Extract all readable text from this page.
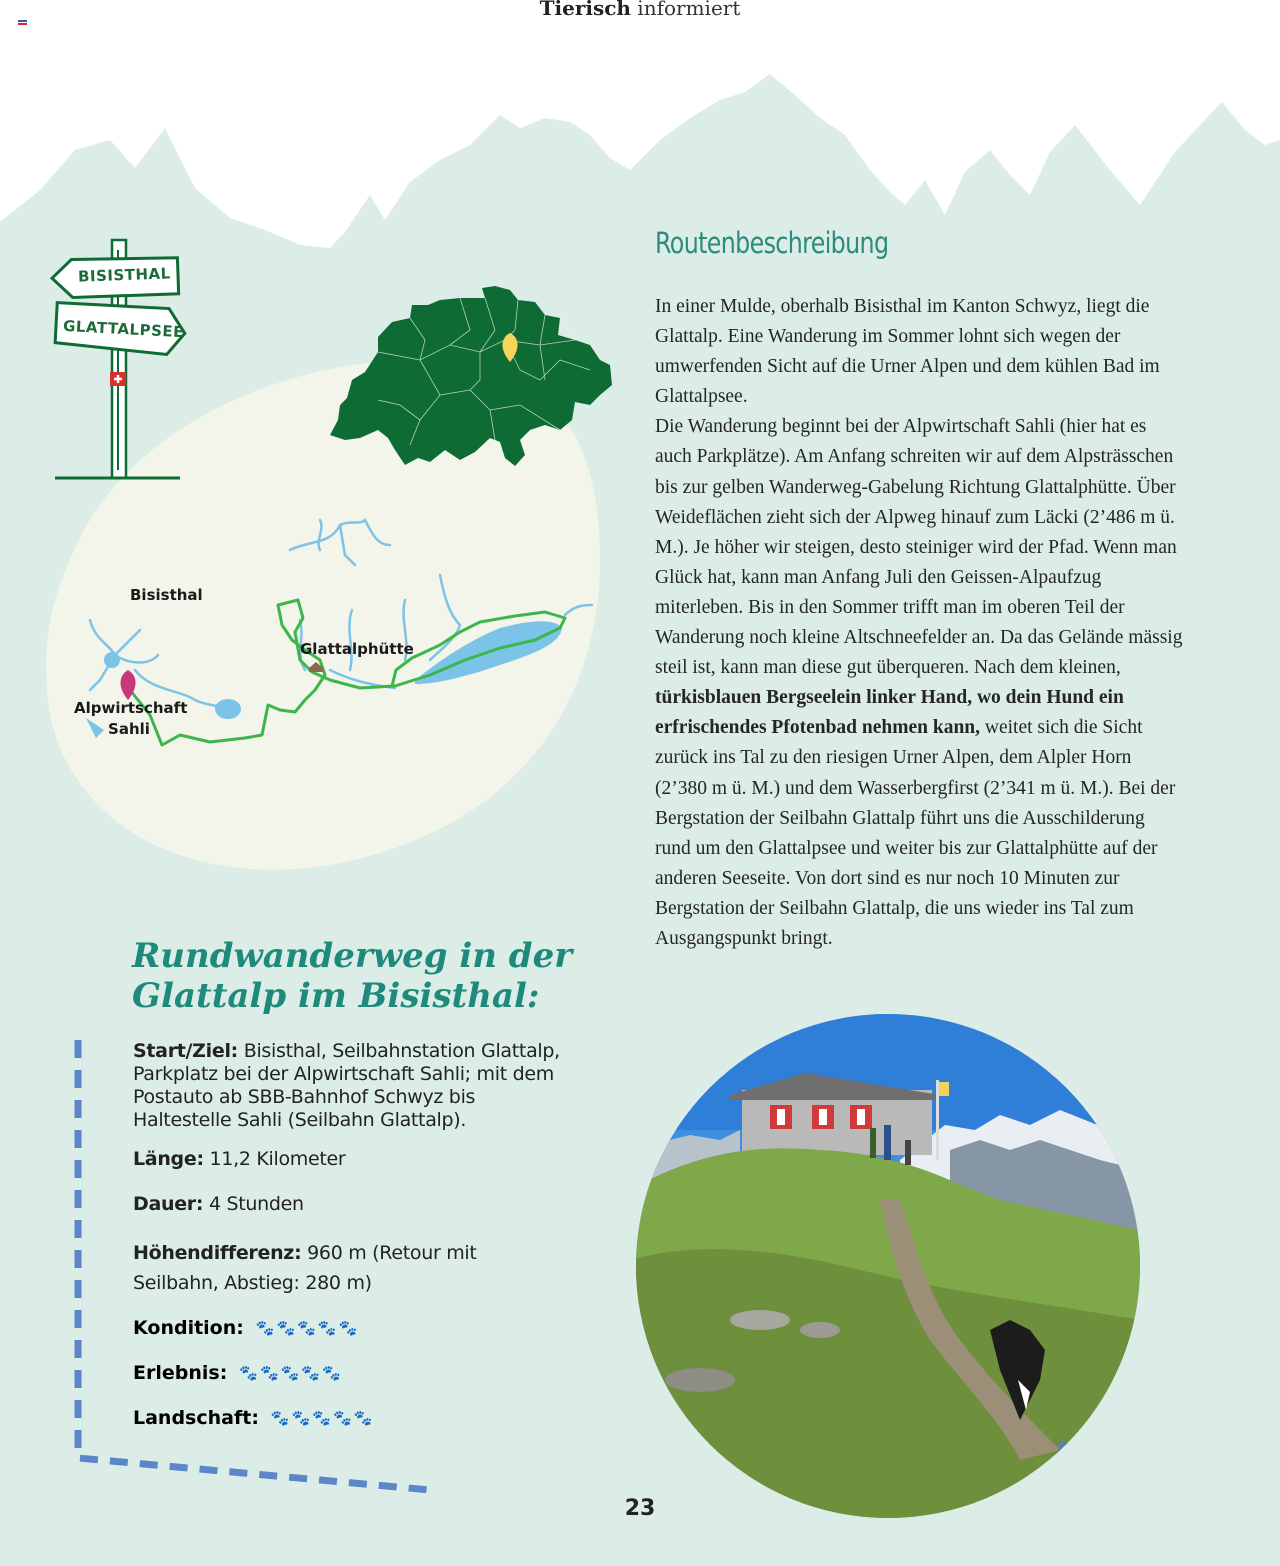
Tierisch informiert
BISISTHAL
GLATTALPSEE
Bisisthal
Glattalphütte
Alpwirtschaft
Sahli
Routenbeschreibung

In einer Mulde, oberhalb Bisisthal im Kanton Schwyz, liegt die Glattalp. Eine Wanderung im Sommer lohnt sich wegen der umwerfenden Sicht auf die Urner Alpen und dem kühlen Bad im Glattalpsee.

Die Wanderung beginnt bei der Alpwirtschaft Sahli (hier hat es auch Parkplätze). Am Anfang schreiten wir auf dem Alpsträsschen bis zur gelben Wanderweg-Gabelung Richtung Glattalphütte. Über Weideflächen zieht sich der Alpweg hinauf zum Läcki (2’486 m ü. M.). Je höher wir steigen, desto steiniger wird der Pfad. Wenn man Glück hat, kann man Anfang Juli den Geissen-Alpaufzug miterleben. Bis in den Sommer trifft man im oberen Teil der Wanderung noch kleine Altschneefelder an. Da das Gelände mässig steil ist, kann man diese gut überqueren. Nach dem kleinen, türkisblauen Bergseelein linker Hand, wo dein Hund ein erfrischendes Pfotenbad nehmen kann, weitet sich die Sicht zurück ins Tal zu den riesigen Urner Alpen, dem Alpler Horn (2’380 m ü. M.) und dem Wasserbergfirst (2’341 m ü. M.). Bei der Bergstation der Seilbahn Glattalp führt uns die Ausschilderung rund um den Glattalpsee und weiter bis zur Glattalphütte auf der anderen Seeseite. Von dort sind es nur noch 10 Minuten zur Bergstation der Seilbahn Glattalp, die uns wieder ins Tal zum Ausgangspunkt bringt.

Rundwanderweg in der
Glattalp im Bisisthal:
Start/Ziel: Bisisthal, Seilbahnstation Glattalp, Parkplatz bei der Alpwirtschaft Sahli; mit dem Postauto ab SBB-Bahnhof Schwyz bis Haltestelle Sahli (Seilbahn Glattalp).
Länge: 11,2 Kilometer
Dauer: 4 Stunden
Höhendifferenz: 960 m (Retour mit Seilbahn, Abstieg: 280 m)
Kondition: 🐾 🐾 🐾 🐾 🐾
Erlebnis: 🐾 🐾 🐾 🐾 🐾
Landschaft: 🐾 🐾 🐾 🐾 🐾
23
